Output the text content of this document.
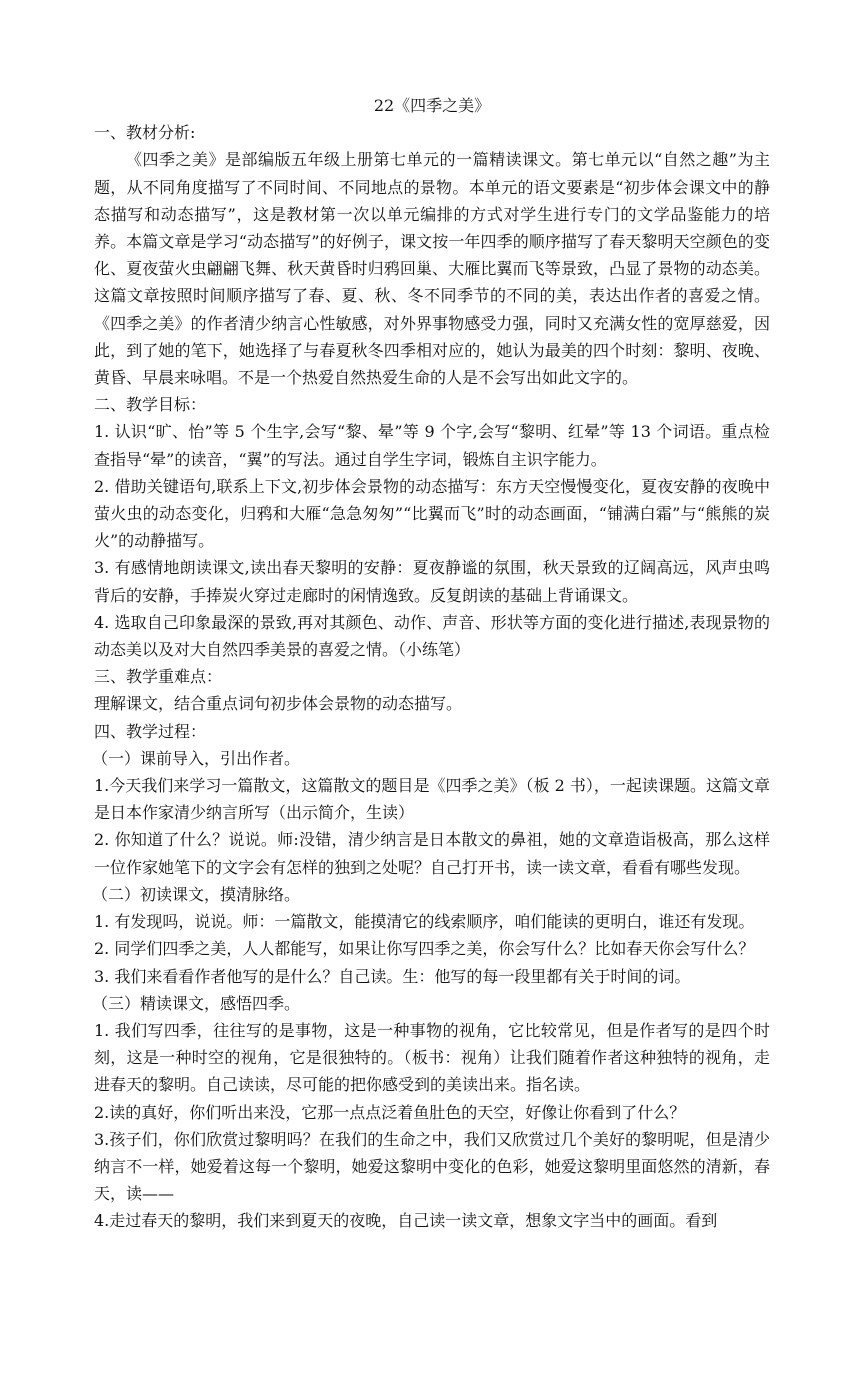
22《四季之美》
一、教材分析:

《四季之美》是部编版五年级上册第七单元的一篇精读课文。第七单元以“自然之趣”为主题，从不同角度描写了不同时间、不同地点的景物。本单元的语文要素是“初步体会课文中的静态描写和动态描写”，这是教材第一次以单元编排的方式对学生进行专门的文学品鉴能力的培养。本篇文章是学习“动态描写”的好例子，课文按一年四季的顺序描写了春天黎明天空颜色的变化、夏夜萤火虫翩翩飞舞、秋天黄昏时归鸦回巢、大雁比翼而飞等景致，凸显了景物的动态美。这篇文章按照时间顺序描写了春、夏、秋、冬不同季节的不同的美，表达出作者的喜爱之情。《四季之美》的作者清少纳言心性敏感，对外界事物感受力强，同时又充满女性的宽厚慈爱，因此，到了她的笔下，她选择了与春夏秋冬四季相对应的，她认为最美的四个时刻：黎明、夜晚、黄昏、早晨来咏唱。不是一个热爱自然热爱生命的人是不会写出如此文字的。

二、教学目标：

1. 认识“旷、怡”等 5 个生字,会写“黎、晕”等 9 个字,会写“黎明、红晕”等 13 个词语。重点检查指导“晕”的读音，“翼”的写法。通过自学生字词，锻炼自主识字能力。

2. 借助关键语句,联系上下文,初步体会景物的动态描写：东方天空慢慢变化，夏夜安静的夜晚中萤火虫的动态变化，归鸦和大雁“急急匆匆”“比翼而飞”时的动态画面，“铺满白霜”与“熊熊的炭火”的动静描写。

3. 有感情地朗读课文,读出春天黎明的安静：夏夜静谧的氛围，秋天景致的辽阔高远，风声虫鸣背后的安静，手捧炭火穿过走廊时的闲情逸致。反复朗读的基础上背诵课文。

4. 选取自己印象最深的景致,再对其颜色、动作、声音、形状等方面的变化进行描述,表现景物的动态美以及对大自然四季美景的喜爱之情。（小练笔）

三、教学重难点：

理解课文，结合重点词句初步体会景物的动态描写。

四、教学过程：
（一）课前导入，引出作者。

1.今天我们来学习一篇散文，这篇散文的题目是《四季之美》（板 2 书），一起读课题。这篇文章是日本作家清少纳言所写（出示简介，生读）

2. 你知道了什么？说说。师:没错，清少纳言是日本散文的鼻祖，她的文章造诣极高，那么这样一位作家她笔下的文字会有怎样的独到之处呢？自己打开书，读一读文章，看看有哪些发现。

（二）初读课文，摸清脉络。

1. 有发现吗，说说。师：一篇散文，能摸清它的线索顺序，咱们能读的更明白，谁还有发现。

2. 同学们四季之美，人人都能写，如果让你写四季之美，你会写什么？比如春天你会写什么？

3. 我们来看看作者他写的是什么？自己读。生：他写的每一段里都有关于时间的词。

（三）精读课文，感悟四季。

1. 我们写四季，往往写的是事物，这是一种事物的视角，它比较常见，但是作者写的是四个时刻，这是一种时空的视角，它是很独特的。（板书：视角）让我们随着作者这种独特的视角，走进春天的黎明。自己读读，尽可能的把你感受到的美读出来。指名读。

2.读的真好，你们听出来没，它那一点点泛着鱼肚色的天空，好像让你看到了什么？

3.孩子们，你们欣赏过黎明吗？在我们的生命之中，我们又欣赏过几个美好的黎明呢，但是清少纳言不一样，她爱着这每一个黎明，她爱这黎明中变化的色彩，她爱这黎明里面悠然的清新，春天，读——

4.走过春天的黎明，我们来到夏天的夜晚，自己读一读文章，想象文字当中的画面。看到
